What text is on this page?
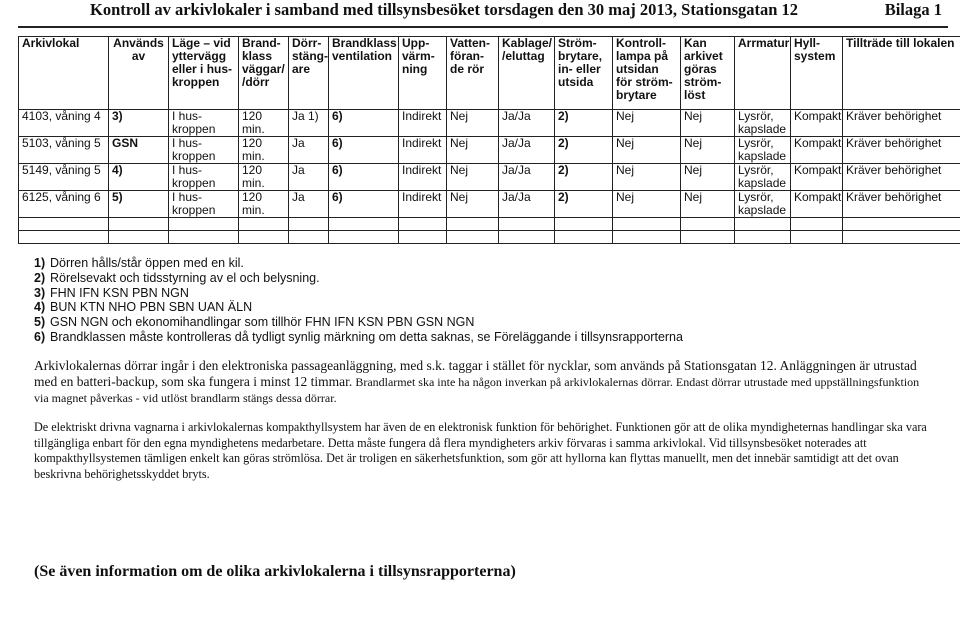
Kontroll av arkivlokaler i samband med tillsynsbesöket torsdagen den 30 maj 2013, Stationsgatan 12	Bilaga 1
Arkivlokal	Används av	Läge – vid yttervägg eller i hus-kroppen	Brand-klass väggar/ /dörr	Dörr-stäng-are	Brandklass ventilation	Upp-värm-ning	Vatten-föran-de rör	Kablage/ /eluttag	Ström-brytare, in- eller utsida	Kontroll-lampa på utsidan för ström-brytare	Kan arkivet göras ström-löst	Arrmatur	Hyll-system	Tillträde till lokalen
4103, våning 4	3)	I hus-kroppen	120 min.	Ja 1)	6)	Indirekt	Nej	Ja/Ja	2)	Nej	Nej	Lysrör, kapslade	Kompakt	Kräver behörighet
5103, våning 5	GSN	I hus-kroppen	120 min.	Ja	6)	Indirekt	Nej	Ja/Ja	2)	Nej	Nej	Lysrör, kapslade	Kompakt	Kräver behörighet
5149, våning 5	4)	I hus-kroppen	120 min.	Ja	6)	Indirekt	Nej	Ja/Ja	2)	Nej	Nej	Lysrör, kapslade	Kompakt	Kräver behörighet
6125, våning 6	5)	I hus-kroppen	120 min.	Ja	6)	Indirekt	Nej	Ja/Ja	2)	Nej	Nej	Lysrör, kapslade	Kompakt	Kräver behörighet

1) Dörren hålls/står öppen med en kil.
2) Rörelsevakt och tidsstyrning av el och belysning.
3) FHN IFN KSN PBN NGN
4) BUN KTN NHO PBN SBN UAN ÄLN
5) GSN NGN och ekonomihandlingar som tillhör FHN IFN KSN PBN GSN NGN
6) Brandklassen måste kontrolleras då tydligt synlig märkning om detta saknas, se Föreläggande i tillsynsrapporterna
Arkivlokalernas dörrar ingår i den elektroniska passageanläggning, med s.k. taggar i stället för nycklar, som används på Stationsgatan 12. Anläggningen är utrustad med en batteri-backup, som ska fungera i minst 12 timmar. Brandlarmet ska inte ha någon inverkan på arkivlokalernas dörrar. Endast dörrar utrustade med uppställningsfunktion via magnet påverkas - vid utlöst brandlarm stängs dessa dörrar.
De elektriskt drivna vagnarna i arkivlokalernas kompakthyllsystem har även de en elektronisk funktion för behörighet. Funktionen gör att de olika myndigheternas handlingar ska vara tillgängliga enbart för den egna myndighetens medarbetare. Detta måste fungera då flera myndigheters arkiv förvaras i samma arkivlokal. Vid tillsynsbesöket noterades att kompakthyllsystemen tämligen enkelt kan göras strömlösa. Det är troligen en säkerhetsfunktion, som gör att hyllorna kan flyttas manuellt, men det innebär samtidigt att det ovan beskrivna behörighetsskyddet bryts.
(Se även information om de olika arkivlokalerna i tillsynsrapporterna)
